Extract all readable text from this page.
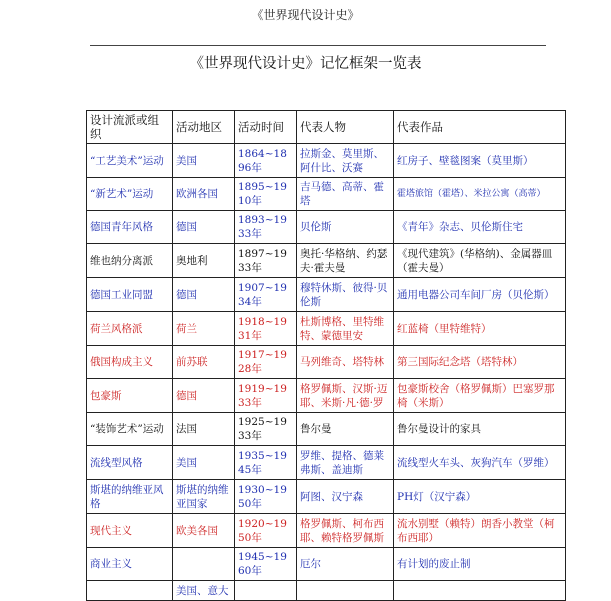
《世界现代设计史》
《世界现代设计史》记忆框架一览表
设计流派或组织	活动地区	活动时间	代表人物	代表作品
“工艺美术”运动	美国	1864~1896年	拉斯金、莫里斯、阿什比、沃赛	红房子、壁毯图案（莫里斯）
“新艺术”运动	欧洲各国	1895~1910年	吉马德、高蒂、霍塔	霍塔旅馆（霍塔）、米拉公寓（高蒂）
德国青年风格	德国	1893~1933年	贝伦斯	《青年》杂志、贝伦斯住宅
维也纳分离派	奥地利	1897~1933年	奥托·华格纳、约瑟夫·霍夫曼	《现代建筑》(华格纳)、金属器皿（霍夫曼）
德国工业同盟	德国	1907~1934年	穆特休斯、彼得·贝伦斯	通用电器公司车间厂房（贝伦斯）
荷兰风格派	荷兰	1918~1931年	杜斯博格、里特维特、蒙德里安	红蓝椅（里特维特）
俄国构成主义	前苏联	1917~1928年	马列维奇、塔特林	第三国际纪念塔（塔特林）
包豪斯	德国	1919~1933年	格罗佩斯、汉斯·迈耶、米斯·凡·德·罗	包豪斯校舍（格罗佩斯）巴塞罗那椅（米斯）
“装饰艺术”运动	法国	1925~1933年	鲁尔曼	鲁尔曼设计的家具
流线型风格	美国	1935~1945年	罗维、提格、德莱弗斯、盖迪斯	流线型火车头、灰狗汽车（罗维）
斯堪的纳维亚风格	斯堪的纳维亚国家	1930~1950年	阿图、汉宁森	PH灯（汉宁森）
现代主义	欧美各国	1920~1950年	格罗佩斯、柯布西耶、赖特格罗佩斯	流水别墅（赖特）朗香小教堂（柯布西耶）
商业主义		1945~1960年	厄尔	有计划的废止制
	美国、意大			
